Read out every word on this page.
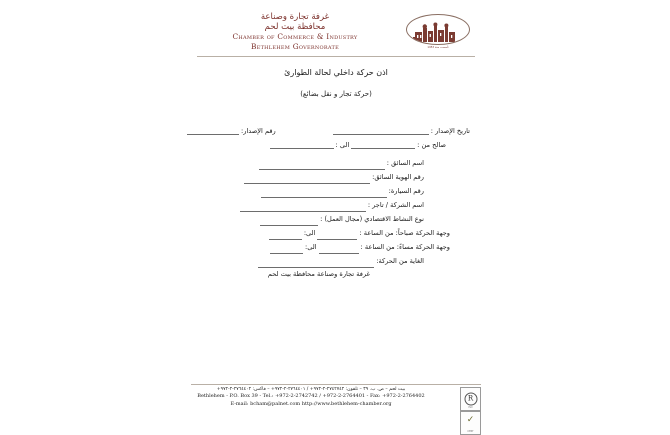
تأسست سنة 1953
غرفة تجارة وصناعة
محافظة بيت لحم
Chamber of Commerce & Industry
Bethlehem Governorate
اذن حركة داخلي لحالة الطوارئ
(حركة تجار و نقل بضائع)
تاريخ الإصدار :
رقم الإصدار:
صالح من :الى :
اسم السائق :
رقم الهوية السائق:
رقم السيارة:
اسم الشركة / تاجر :
نوع النشاط الاقتصادي (مجال العمل) :
وجهة الحركة صباحاً: من الساعة :الى:
وجهة الحركة مساءً: من الساعة :الى:
الغاية من الحركة:
غرفة تجارة وصناعة محافظة بيت لحم
R
ISO

✓
CERT
بيت لحم – ص. ب. ٣٩ – تلفون: ٢٧٤٢٧٤٢-٢-٩٧٢+ / ٢٧٦٤٤٠١-٢-٩٧٢+ – فاكس: ٢٧٦٤٤٠٢-٢-٩٧٢+
Bethlehem - P.O. Box 39 - Tel.: +972-2-2742742 / +972-2-2764401 - Fax: +972-2-2764402
E-mail: bcham@palnet.com http://www.bethlehem-chamber.org
